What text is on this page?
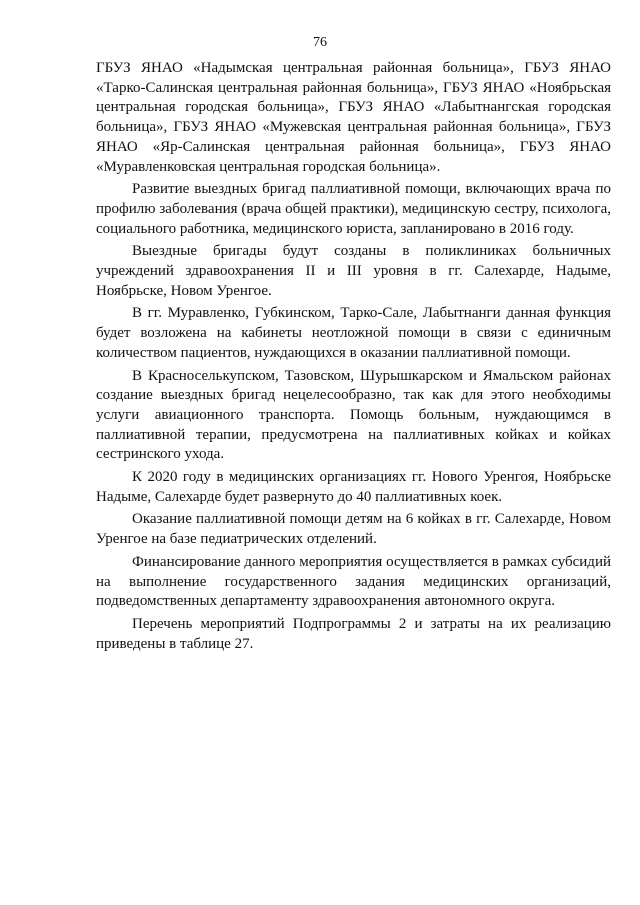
76

ГБУЗ ЯНАО «Надымская центральная районная больница», ГБУЗ ЯНАО «Тарко-Салинская центральная районная больница», ГБУЗ ЯНАО «Ноябрьская центральная городская больница», ГБУЗ ЯНАО «Лабытнангская городская больница», ГБУЗ ЯНАО «Мужевская центральная районная больница», ГБУЗ ЯНАО «Яр-Салинская центральная районная больница», ГБУЗ ЯНАО «Муравленковская центральная городская больница».

Развитие выездных бригад паллиативной помощи, включающих врача по профилю заболевания (врача общей практики), медицинскую сестру, психолога, социального работника, медицинского юриста, запланировано в 2016 году.

Выездные бригады будут созданы в поликлиниках больничных учреждений здравоохранения II и III уровня в гг. Салехарде, Надыме, Ноябрьске, Новом Уренгое.

В гг. Муравленко, Губкинском, Тарко-Сале, Лабытнанги данная функция будет возложена на кабинеты неотложной помощи в связи с единичным количеством пациентов, нуждающихся в оказании паллиативной помощи.

В Красноселькупском, Тазовском, Шурышкарском и Ямальском районах создание выездных бригад нецелесообразно, так как для этого необходимы услуги авиационного транспорта. Помощь больным, нуждающимся в паллиативной терапии, предусмотрена на паллиативных койках и койках сестринского ухода.

К 2020 году в медицинских организациях гг. Нового Уренгоя, Ноябрьске Надыме, Салехарде будет развернуто до 40 паллиативных коек.

Оказание паллиативной помощи детям на 6 койках в гг. Салехарде, Новом Уренгое на базе педиатрических отделений.

Финансирование данного мероприятия осуществляется в рамках субсидий на выполнение государственного задания медицинских организаций, подведомственных департаменту здравоохранения автономного округа.

Перечень мероприятий Подпрограммы 2 и затраты на их реализацию приведены в таблице 27.
